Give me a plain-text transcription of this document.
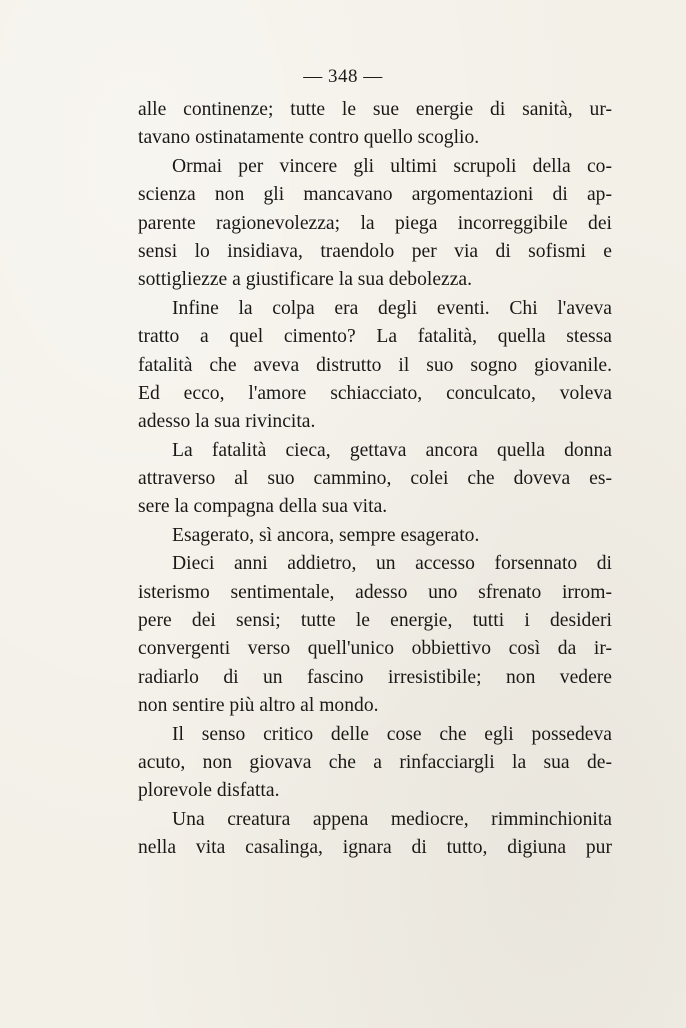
— 348 —
alle continenze; tutte le sue energie di sanità, ur-
tavano ostinatamente contro quello scoglio.
Ormai per vincere gli ultimi scrupoli della co-
scienza non gli mancavano argomentazioni di ap-
parente ragionevolezza; la piega incorreggibile dei
sensi lo insidiava, traendolo per via di sofismi e
sottigliezze a giustificare la sua debolezza.
Infine la colpa era degli eventi. Chi l'aveva
tratto a quel cimento? La fatalità, quella stessa
fatalità che aveva distrutto il suo sogno giovanile.
Ed ecco, l'amore schiacciato, conculcato, voleva
adesso la sua rivincita.
La fatalità cieca, gettava ancora quella donna
attraverso al suo cammino, colei che doveva es-
sere la compagna della sua vita.
Esagerato, sì ancora, sempre esagerato.
Dieci anni addietro, un accesso forsennato di
isterismo sentimentale, adesso uno sfrenato irrom-
pere dei sensi; tutte le energie, tutti i desideri
convergenti verso quell'unico obbiettivo così da ir-
radiarlo di un fascino irresistibile; non vedere
non sentire più altro al mondo.
Il senso critico delle cose che egli possedeva
acuto, non giovava che a rinfacciargli la sua de-
plorevole disfatta.
Una creatura appena mediocre, rimminchionita
nella vita casalinga, ignara di tutto, digiuna pur
